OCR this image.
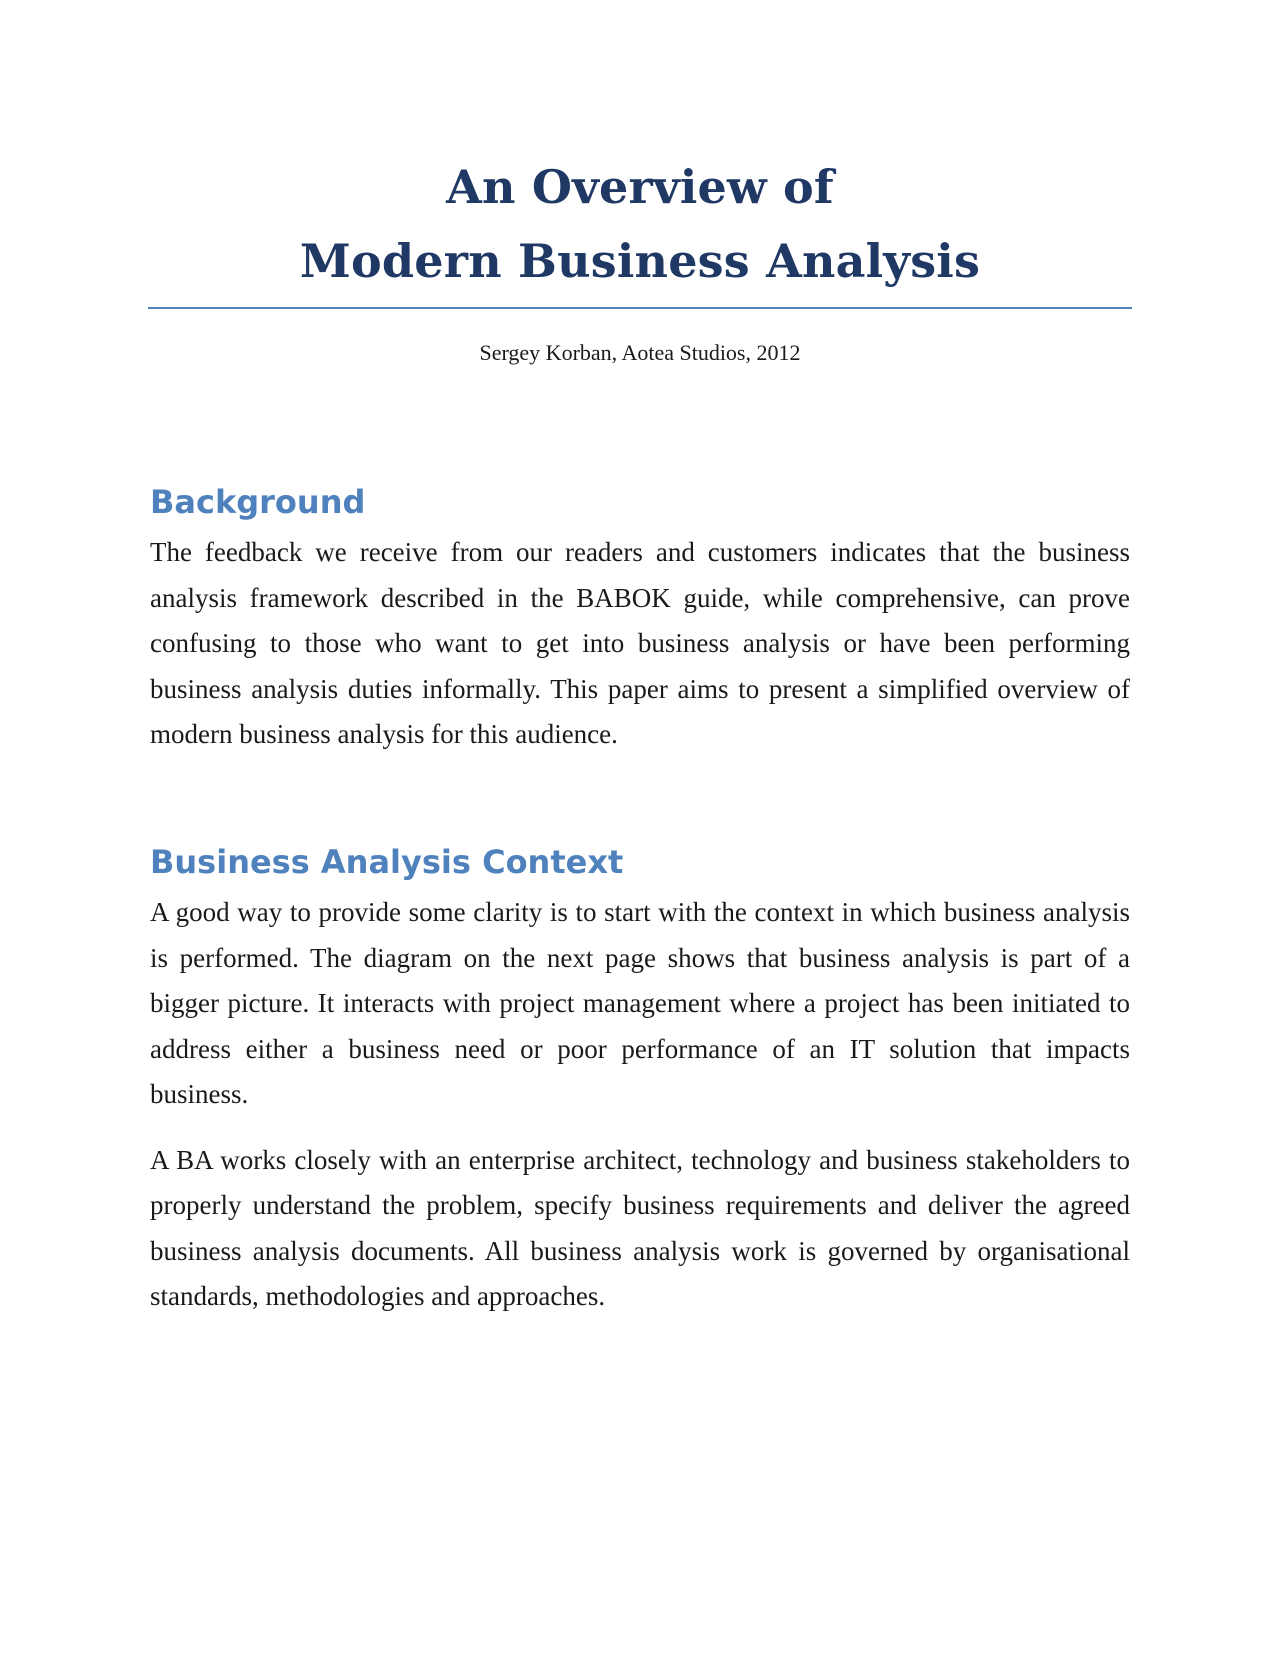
An Overview of
Modern Business Analysis
Sergey Korban, Aotea Studios, 2012
Background

The feedback we receive from our readers and customers indicates that the business analysis framework described in the BABOK guide, while comprehensive, can prove confusing to those who want to get into business analysis or have been performing business analysis duties informally. This paper aims to present a simplified overview of modern business analysis for this audience.

Business Analysis Context

A good way to provide some clarity is to start with the context in which business analysis is performed. The diagram on the next page shows that business analysis is part of a bigger picture. It interacts with project management where a project has been initiated to address either a business need or poor performance of an IT solution that impacts business.

A BA works closely with an enterprise architect, technology and business stakeholders to properly understand the problem, specify business requirements and deliver the agreed business analysis documents. All business analysis work is governed by organisational standards, methodologies and approaches.
